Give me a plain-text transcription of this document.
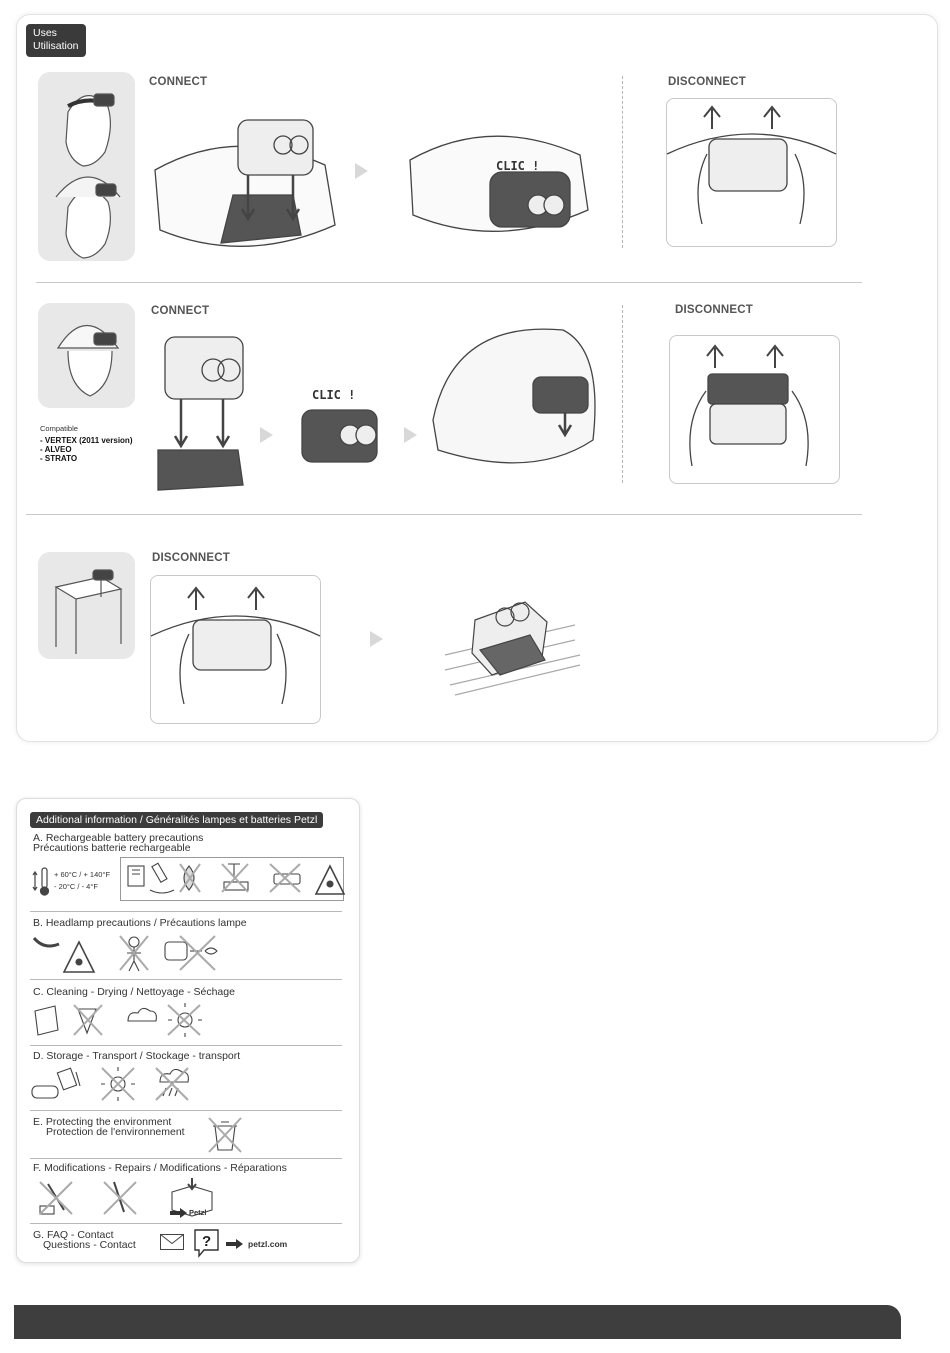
Uses
Utilisation
CONNECT
CLIC !
DISCONNECT
Compatible
- VERTEX (2011 version)
- ALVEO
- STRATO
CONNECT
CLIC !
DISCONNECT
DISCONNECT
Additional information / Généralités lampes et batteries Petzl
A. Rechargeable battery precautions
Précautions batterie rechargeable
+ 60°C / + 140°F
- 20°C / - 4°F
B. Headlamp precautions / Précautions lampe
C. Cleaning - Drying / Nettoyage - Séchage
D. Storage - Transport / Stockage - transport
E. Protecting the environment
Protection de l'environnement
F. Modifications - Repairs / Modifications - Réparations
Petzl
G. FAQ - Contact
Questions - Contact	?	petzl.com
